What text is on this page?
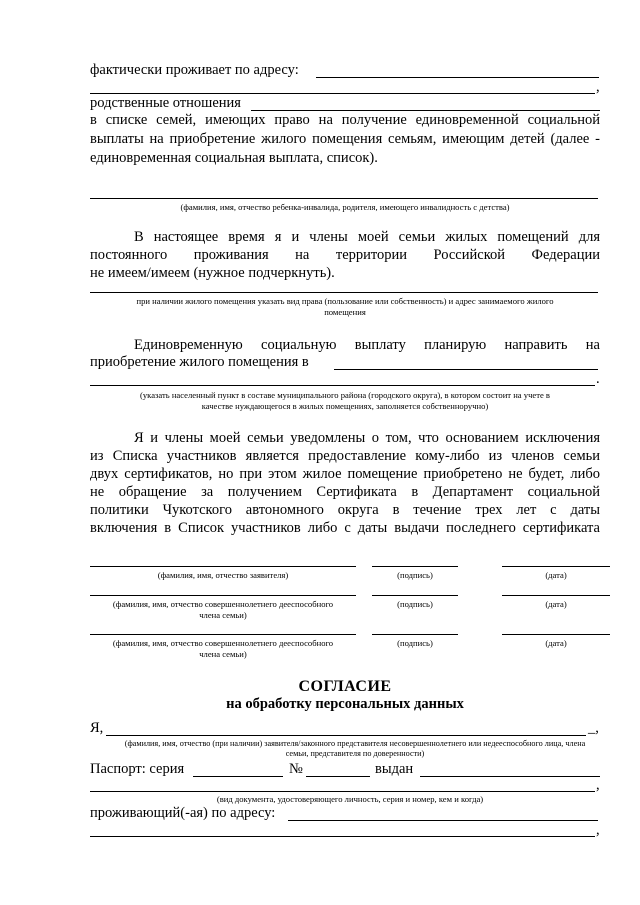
фактически проживает по адресу:
,
родственные отношения
в списке семей, имеющих право на получение единовременной социальной
выплаты на приобретение жилого помещения семьям, имеющим детей (далее -
единовременная социальная выплата, список).
(фамилия, имя, отчество ребенка-инвалида, родителя, имеющего инвалидность с детства)
В настоящее время я и члены моей семьи жилых помещений для
постоянного проживания на территории Российской Федерации
не имеем/имеем (нужное подчеркнуть).
при наличии жилого помещения указать вид права (пользование или собственность) и адрес занимаемого жилого
помещения
Единовременную социальную выплату планирую направить на
приобретение жилого помещения в
.
(указать населенный пункт в составе муниципального района (городского округа), в котором состоит на учете в
качестве нуждающегося в жилых помещениях, заполняется собственноручно)
Я и члены моей семьи уведомлены о том, что основанием исключения
из Списка участников является предоставление кому-либо из членов семьи
двух сертификатов, но при этом жилое помещение приобретено не будет, либо
не обращение за получением Сертификата в Департамент социальной
политики Чукотского автономного округа в течение трех лет с даты
включения в Список участников либо с даты выдачи последнего сертификата
(фамилия, имя, отчество заявителя)	(подпись)	(дата)
(фамилия, имя, отчество совершеннолетнего дееспособного
члена семьи)
(подпись)	(дата)
(фамилия, имя, отчество совершеннолетнего дееспособного
члена семьи)
(подпись)	(дата)
СОГЛАСИЕ
на обработку персональных данных
Я,	_,
(фамилия, имя, отчество (при наличии) заявителя/законного представителя несовершеннолетнего или недееспособного лица, члена
семьи, представителя по доверенности)
Паспорт: серия	№	выдан
,
(вид документа, удостоверяющего личность, серия и номер, кем и когда)
проживающий(-ая) по адресу:
,
